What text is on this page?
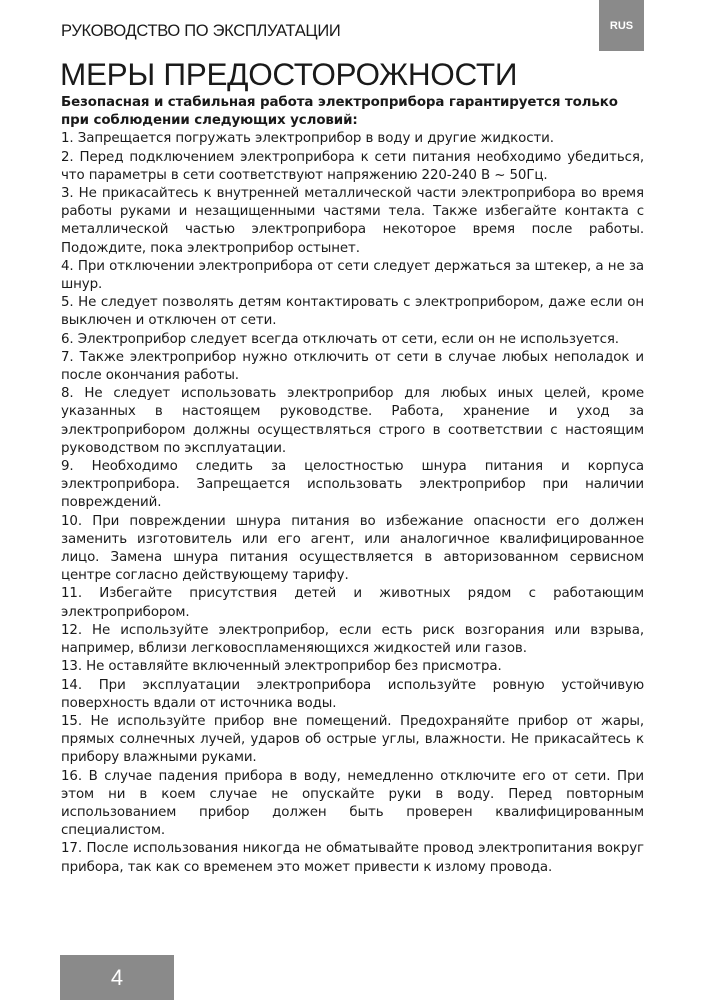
РУКОВОДСТВО ПО ЭКСПЛУАТАЦИИ	RUS
МЕРЫ ПРЕДОСТОРОЖНОСТИ

Безопасная и стабильная работа электроприбора гарантируется только при соблюдении следующих условий:

1. Запрещается погружать электроприбор в воду и другие жидкости.
2. Перед подключением электроприбора к сети питания необходимо убедиться, что параметры в сети соответствуют напряжению 220-240 В ~ 50Гц.
3. Не прикасайтесь к внутренней металлической части электроприбора во время работы руками и незащищенными частями тела. Также избегайте контакта с металлической частью электроприбора некоторое время после работы. Подождите, пока электроприбор остынет.
4. При отключении электроприбора от сети следует держаться за штекер, а не за шнур.
5. Не следует позволять детям контактировать с электроприбором, даже если он выключен и отключен от сети.
6. Электроприбор следует всегда отключать от сети, если он не используется.
7. Также электроприбор нужно отключить от сети в случае любых неполадок и после окончания работы.
8. Не следует использовать электроприбор для любых иных целей, кроме указанных в настоящем руководстве. Работа, хранение и уход за электроприбором должны осуществляться строго в соответствии с настоящим руководством по эксплуатации.
9. Необходимо следить за целостностью шнура питания и корпуса электроприбора. Запрещается использовать электроприбор при наличии повреждений.
10. При повреждении шнура питания во избежание опасности его должен заменить изготовитель или его агент, или аналогичное квалифицированное лицо. Замена шнура питания осуществляется в авторизованном сервисном центре согласно действующему тарифу.
11. Избегайте присутствия детей и животных рядом с работающим электроприбором.
12. Не используйте электроприбор, если есть риск возгорания или взрыва, например, вблизи легковоспламеняющихся жидкостей или газов.
13. Не оставляйте включенный электроприбор без присмотра.
14. При эксплуатации электроприбора используйте ровную устойчивую поверхность вдали от источника воды.
15. Не используйте прибор вне помещений. Предохраняйте прибор от жары, прямых солнечных лучей, ударов об острые углы, влажности. Не прикасайтесь к прибору влажными руками.
16. В случае падения прибора в воду, немедленно отключите его от сети. При этом ни в коем случае не опускайте руки в воду. Перед повторным использованием прибор должен быть проверен квалифицированным специалистом.
17. После использования никогда не обматывайте провод электропитания вокруг прибора, так как со временем это может привести к излому провода.
4
